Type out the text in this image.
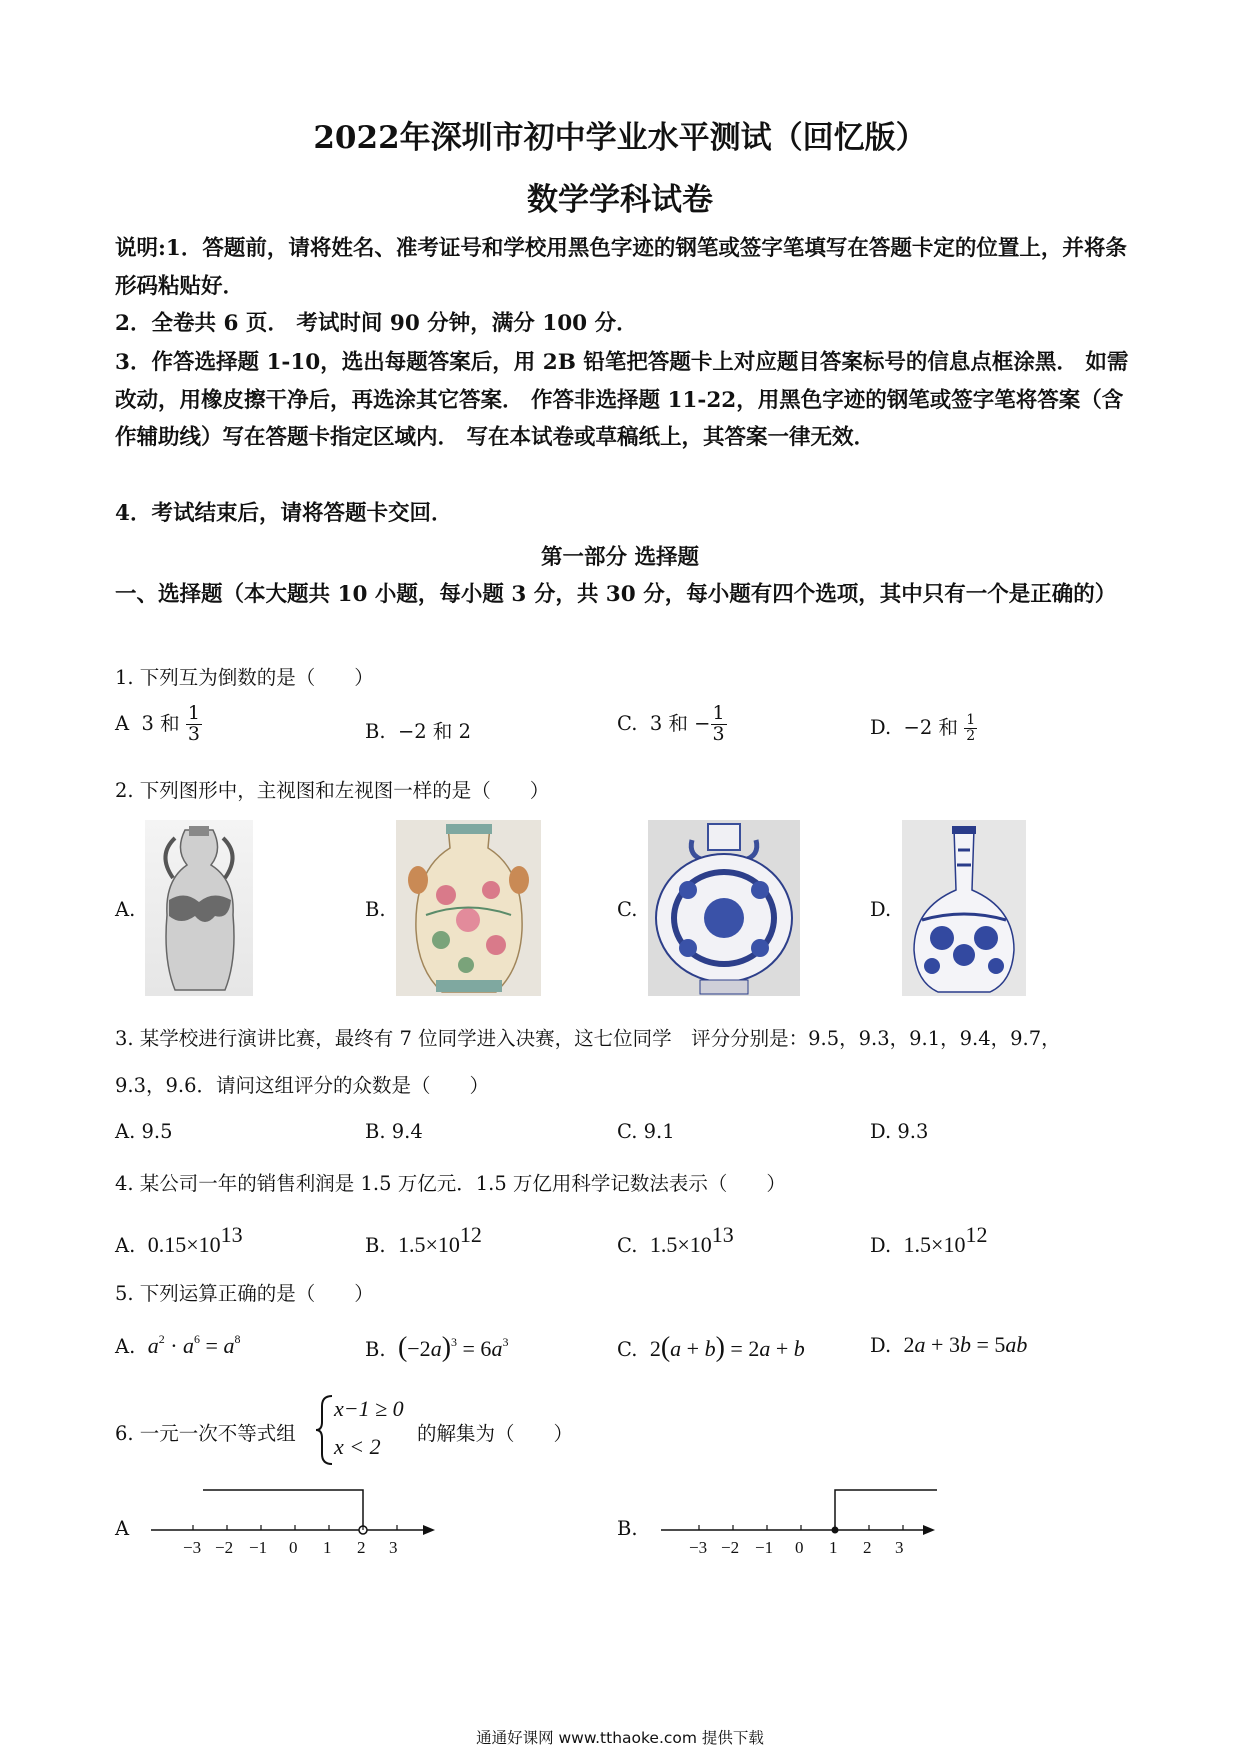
2022年深圳市初中学业水平测试（回忆版）
数学学科试卷
说明:1．答题前，请将姓名、准考证号和学校用黑色字迹的钢笔或签字笔填写在答题卡定的位置上，并将条形码粘贴好．
2．全卷共 6 页． 考试时间 90 分钟，满分 100 分．
3．作答选择题 1-10，选出每题答案后，用 2B 铅笔把答题卡上对应题目答案标号的信息点框涂黑． 如需改动，用橡皮擦干净后，再选涂其它答案． 作答非选择题 11-22，用黑色字迹的钢笔或签字笔将答案（含作辅助线）写在答题卡指定区域内． 写在本试卷或草稿纸上，其答案一律无效．
4．考试结束后，请将答题卡交回．
第一部分 选择题
一、选择题（本大题共 10 小题，每小题 3 分，共 30 分，每小题有四个选项，其中只有一个是正确的）
1. 下列互为倒数的是（　　）
A 3 和 $\frac{1}{3}$	B. −2 和 2	C. 3 和 − $\frac{1}{3}$	D. −2 和 $\frac{1}{2}$
2. 下列图形中，主视图和左视图一样的是（　　）
A.	B.	C.	D.
3. 某学校进行演讲比赛，最终有 7 位同学进入决赛，这七位同学　评分分别是：9.5，9.3，9.1，9.4，9.7，
9.3，9.6．请问这组评分的众数是（　　）
A. 9.5	B. 9.4	C. 9.1	D. 9.3
4. 某公司一年的销售利润是 1.5 万亿元．1.5 万亿用科学记数法表示（　　）
A. $0.15\times 10^{13}$	B. $1.5\times 10^{12}$	C. $1.5\times 10^{13}$	D. $1.5\times 10^{12}$
5. 下列运算正确的是（　　）
A. $a^2 \cdot a^6 = a^8$	B. $(-2a)^3 = 6a^3$	C. 2(a + b) = 2a + b	D. 2a + 3b = 5ab
6. 一元一次不等式组
x−1 ≥ 0
x < 2
的解集为（　　）
A
−3 −2 −1 0 1 2 3
B.
−3 −2 −1 0 1 2 3
通通好课网 www.tthaoke.com 提供下载
